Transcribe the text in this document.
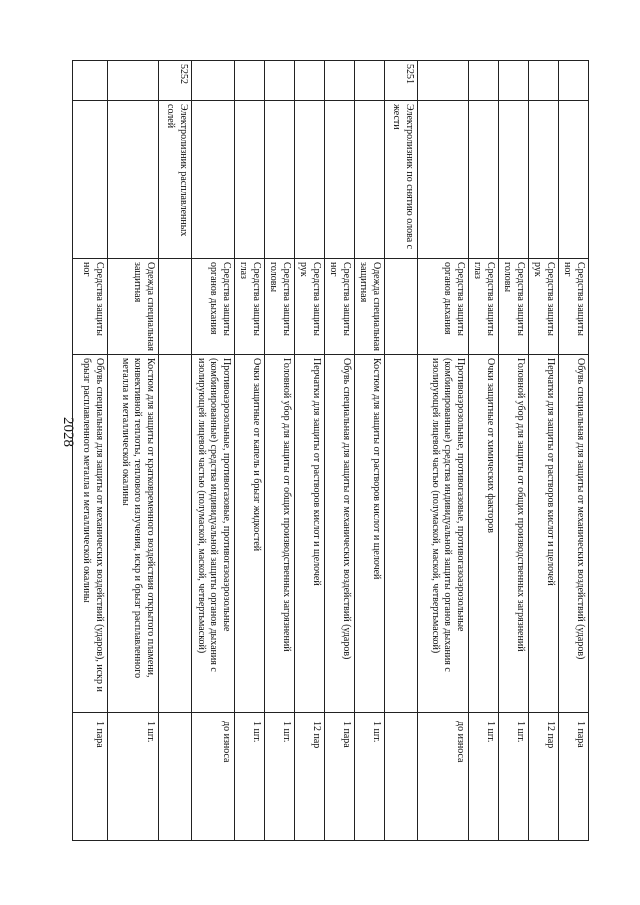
2028
		Средства защиты ног	Обувь специальная для защиты от механических воздействий (ударов)	1 пара
		Средства защиты рук	Перчатки для защиты от растворов кислот и щелочей	12 пар
		Средства защиты головы	Головной убор для защиты от общих производственных загрязнений	1 шт.
		Средства защиты глаз	Очки защитные от химических факторов	1 шт.
		Средства защиты органов дыхания	Противоаэрозольные, противогазовые, противогазоаэрозольные (комбинированные) средства индивидуальной защиты органов дыхания с изолирующей лицевой частью (полумаской, маской, четвертьмаской)	до износа
5251	Электролизник по снятию олова с жести			
		Одежда специальная защитная	Костюм для защиты от растворов кислот и щелочей	1 шт.
		Средства защиты ног	Обувь специальная для защиты от механических воздействий (ударов)	1 пара
		Средства защиты рук	Перчатки для защиты от растворов кислот и щелочей	12 пар
		Средства защиты головы	Головной убор для защиты от общих производственных загрязнений	1 шт.
		Средства защиты глаз	Очки защитные от капель и брызг жидкостей	1 шт.
		Средства защиты органов дыхания	Противоаэрозольные, противогазовые, противогазоаэрозольные (комбинированные) средства индивидуальной защиты органов дыхания с изолирующей лицевой частью (полумаской, маской, четвертьмаской)	до износа
5252	Электролизник расплавленных солей			
		Одежда специальная защитная	Костюм для защиты от кратковременного воздействия открытого пламени, конвективной теплоты, теплового излучения, искр и брызг расплавленного металла и металлической окалины	1 шт.
		Средства защиты ног	Обувь специальная для защиты от механических воздействий (ударов), искр и брызг расплавленного металла и металлической окалины	1 пара
